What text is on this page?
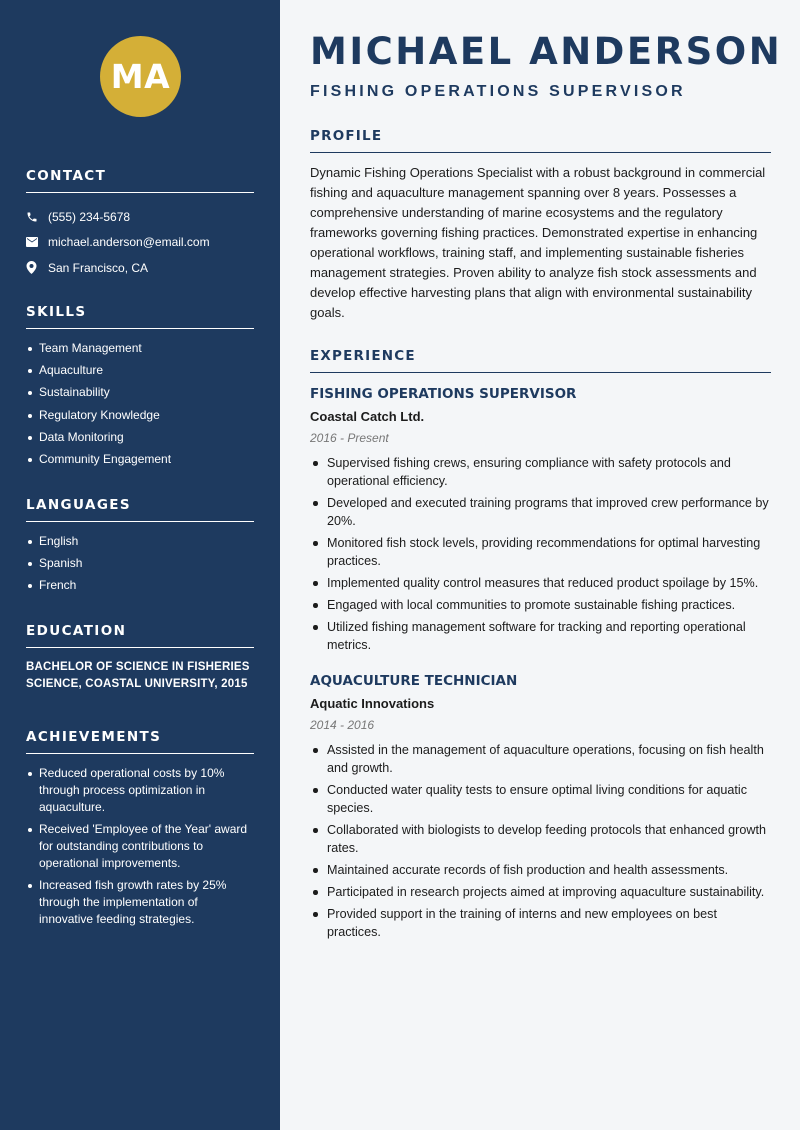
MA
CONTACT
(555) 234-5678
michael.anderson@email.com
San Francisco, CA
SKILLS
Team Management
Aquaculture
Sustainability
Regulatory Knowledge
Data Monitoring
Community Engagement
LANGUAGES
English
Spanish
French
EDUCATION

BACHELOR OF SCIENCE IN FISHERIES SCIENCE, COASTAL UNIVERSITY, 2015

ACHIEVEMENTS
Reduced operational costs by 10% through process optimization in aquaculture.
Received 'Employee of the Year' award for outstanding contributions to operational improvements.
Increased fish growth rates by 25% through the implementation of innovative feeding strategies.
MICHAEL ANDERSON
FISHING OPERATIONS SUPERVISOR
PROFILE

Dynamic Fishing Operations Specialist with a robust background in commercial fishing and aquaculture management spanning over 8 years. Possesses a comprehensive understanding of marine ecosystems and the regulatory frameworks governing fishing practices. Demonstrated expertise in enhancing operational workflows, training staff, and implementing sustainable fisheries management strategies. Proven ability to analyze fish stock assessments and develop effective harvesting plans that align with environmental sustainability goals.

EXPERIENCE
FISHING OPERATIONS SUPERVISOR
Coastal Catch Ltd.
2016 - Present
Supervised fishing crews, ensuring compliance with safety protocols and operational efficiency.
Developed and executed training programs that improved crew performance by 20%.
Monitored fish stock levels, providing recommendations for optimal harvesting practices.
Implemented quality control measures that reduced product spoilage by 15%.
Engaged with local communities to promote sustainable fishing practices.
Utilized fishing management software for tracking and reporting operational metrics.
AQUACULTURE TECHNICIAN
Aquatic Innovations
2014 - 2016
Assisted in the management of aquaculture operations, focusing on fish health and growth.
Conducted water quality tests to ensure optimal living conditions for aquatic species.
Collaborated with biologists to develop feeding protocols that enhanced growth rates.
Maintained accurate records of fish production and health assessments.
Participated in research projects aimed at improving aquaculture sustainability.
Provided support in the training of interns and new employees on best practices.
